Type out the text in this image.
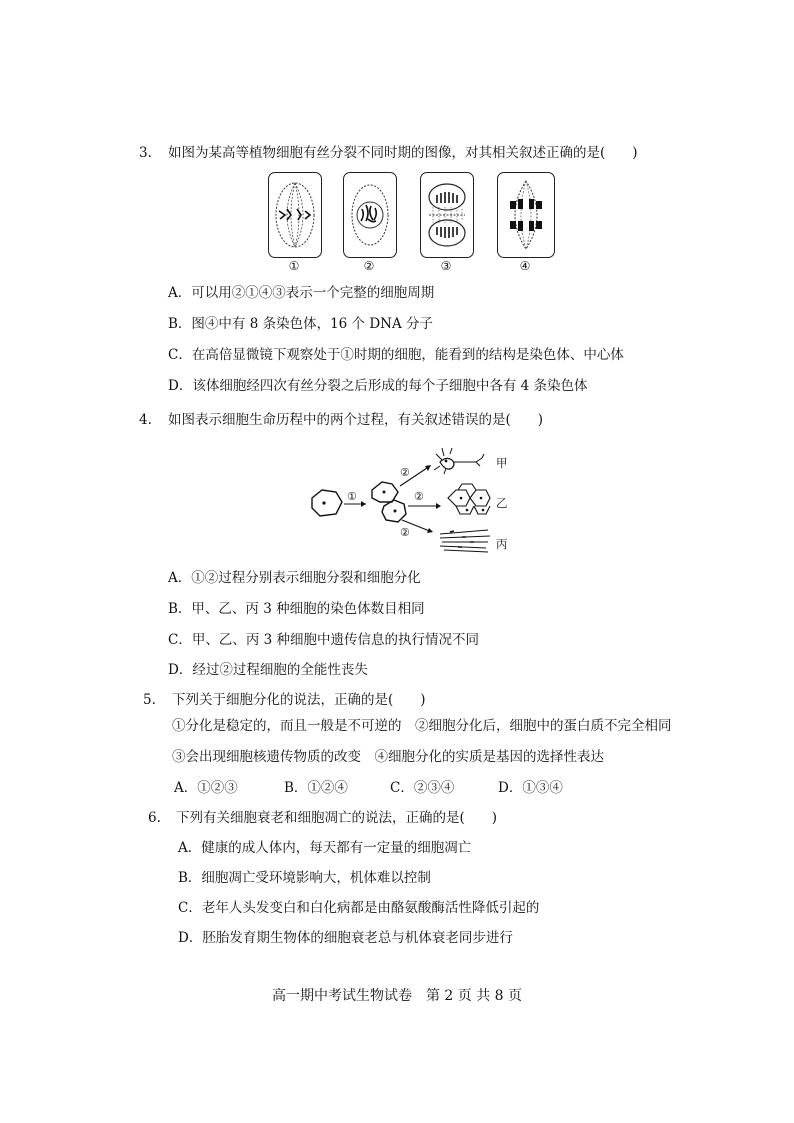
3. 如图为某高等植物细胞有丝分裂不同时期的图像，对其相关叙述正确的是(　　)
①	②	③	④
A．可以用②①④③表示一个完整的细胞周期
B．图④中有 8 条染色体，16 个 DNA 分子
C．在高倍显微镜下观察处于①时期的细胞，能看到的结构是染色体、中心体
D．该体细胞经四次有丝分裂之后形成的每个子细胞中各有 4 条染色体
4. 如图表示细胞生命历程中的两个过程，有关叙述错误的是(　　)
①
②
②
②
甲
乙
丙
A．①②过程分别表示细胞分裂和细胞分化
B．甲、乙、丙 3 种细胞的染色体数目相同
C．甲、乙、丙 3 种细胞中遗传信息的执行情况不同
D．经过②过程细胞的全能性丧失
5. 下列关于细胞分化的说法，正确的是(　　)
①分化是稳定的，而且一般是不可逆的　②细胞分化后，细胞中的蛋白质不完全相同
③会出现细胞核遗传物质的改变　④细胞分化的实质是基因的选择性表达
A．①②③	B．①②④	C．②③④	D．①③④
6. 下列有关细胞衰老和细胞凋亡的说法，正确的是(　　)
A．健康的成人体内，每天都有一定量的细胞凋亡
B．细胞凋亡受环境影响大，机体难以控制
C．老年人头发变白和白化病都是由酪氨酸酶活性降低引起的
D．胚胎发育期生物体的细胞衰老总与机体衰老同步进行
高一期中考试生物试卷　第 2 页 共 8 页
